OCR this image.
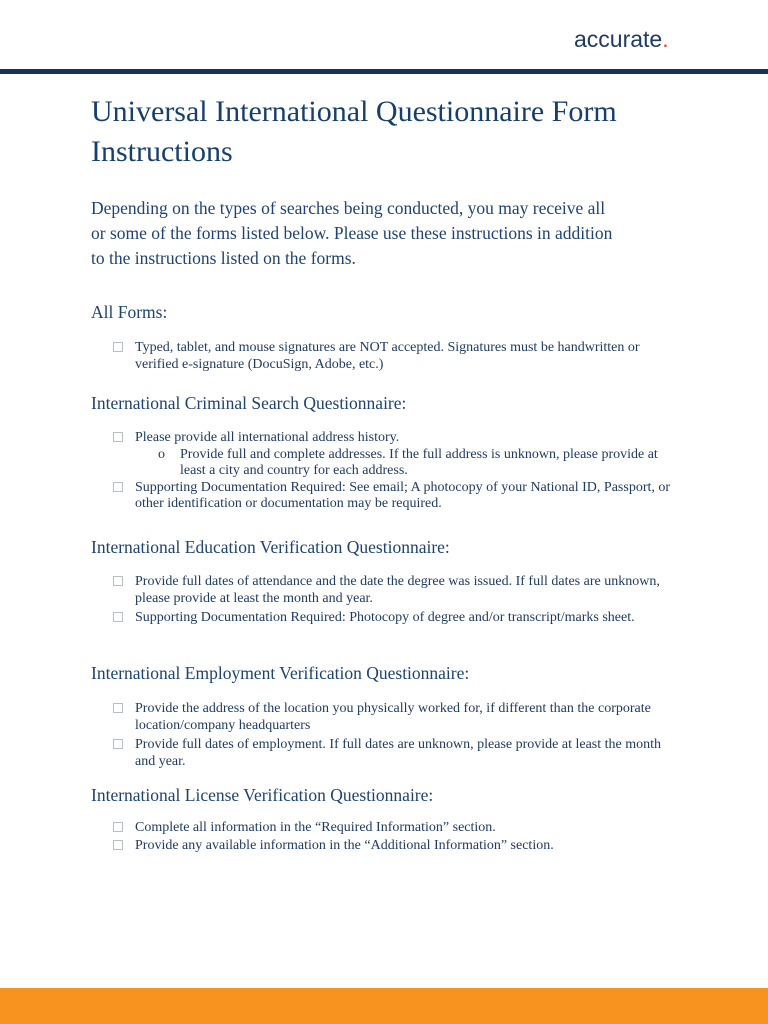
accurate.
Universal International Questionnaire Form Instructions

Depending on the types of searches being conducted, you may receive all or some of the forms listed below. Please use these instructions in addition to the instructions listed on the forms.

All Forms:
Typed, tablet, and mouse signatures are NOT accepted. Signatures must be handwritten or verified e-signature (DocuSign, Adobe, etc.)
International Criminal Search Questionnaire:
Please provide all international address history.
o Provide full and complete addresses. If the full address is unknown, please provide at least a city and country for each address.
Supporting Documentation Required: See email; A photocopy of your National ID, Passport, or other identification or documentation may be required.
International Education Verification Questionnaire:
Provide full dates of attendance and the date the degree was issued. If full dates are unknown, please provide at least the month and year.
Supporting Documentation Required: Photocopy of degree and/or transcript/marks sheet.
International Employment Verification Questionnaire:
Provide the address of the location you physically worked for, if different than the corporate location/company headquarters
Provide full dates of employment. If full dates are unknown, please provide at least the month and year.
International License Verification Questionnaire:
Complete all information in the “Required Information” section.
Provide any available information in the “Additional Information” section.
